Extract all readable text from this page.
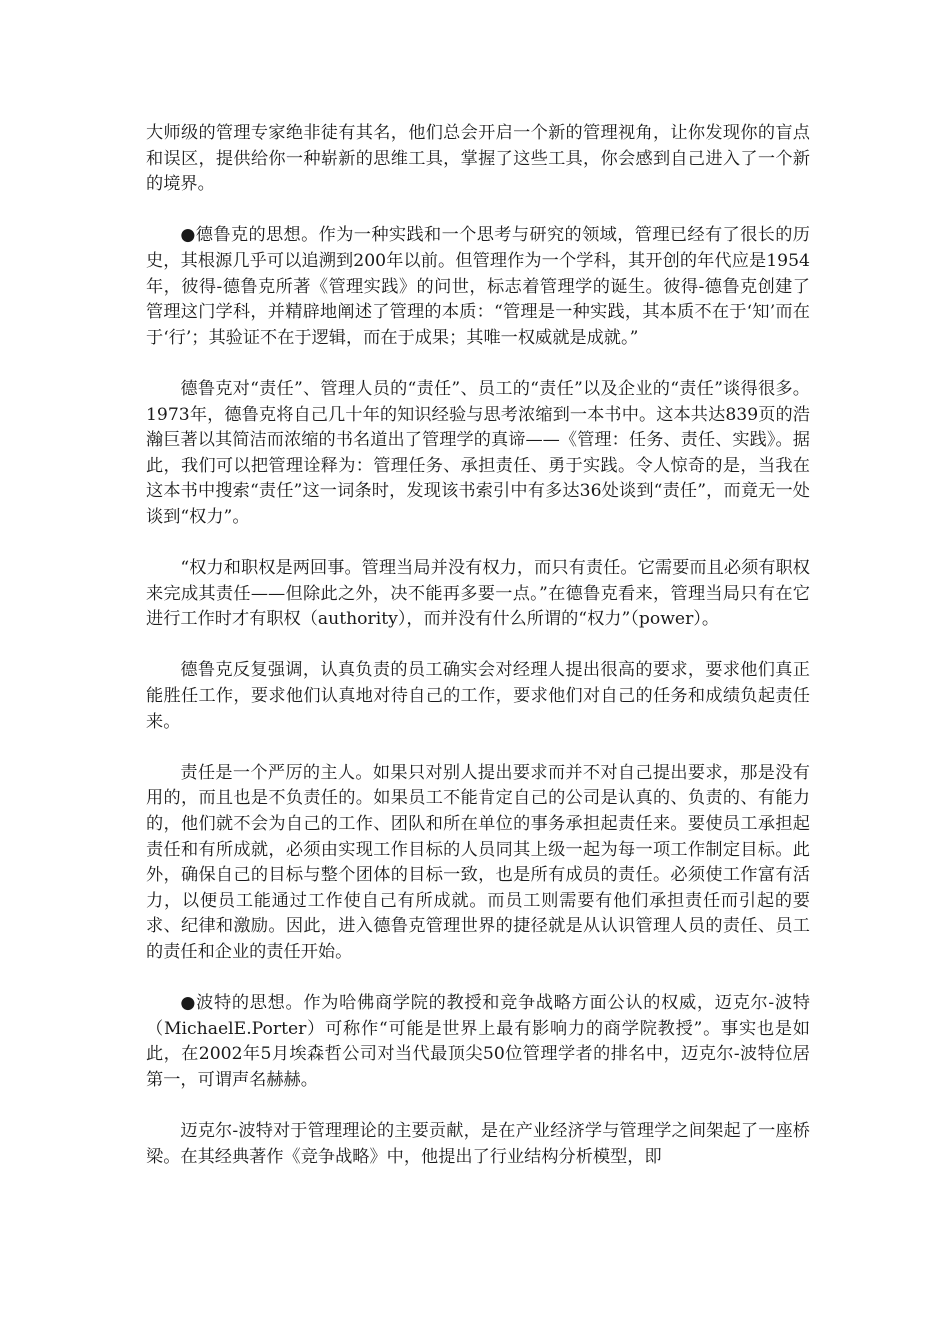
大师级的管理专家绝非徒有其名，他们总会开启一个新的管理视角，让你发现你的盲点和误区，提供给你一种崭新的思维工具，掌握了这些工具，你会感到自己进入了一个新的境界。

●德鲁克的思想。作为一种实践和一个思考与研究的领域，管理已经有了很长的历史，其根源几乎可以追溯到200年以前。但管理作为一个学科，其开创的年代应是1954年，彼得-德鲁克所著《管理实践》的问世，标志着管理学的诞生。彼得-德鲁克创建了管理这门学科，并精辟地阐述了管理的本质：“管理是一种实践，其本质不在于‘知’而在于‘行’；其验证不在于逻辑，而在于成果；其唯一权威就是成就。”

德鲁克对“责任”、管理人员的“责任”、员工的“责任”以及企业的“责任”谈得很多。1973年，德鲁克将自己几十年的知识经验与思考浓缩到一本书中。这本共达839页的浩瀚巨著以其简洁而浓缩的书名道出了管理学的真谛——《管理：任务、责任、实践》。据此，我们可以把管理诠释为：管理任务、承担责任、勇于实践。令人惊奇的是，当我在这本书中搜索“责任”这一词条时，发现该书索引中有多达36处谈到“责任”，而竟无一处谈到“权力”。

“权力和职权是两回事。管理当局并没有权力，而只有责任。它需要而且必须有职权来完成其责任——但除此之外，决不能再多要一点。”在德鲁克看来，管理当局只有在它进行工作时才有职权（authority），而并没有什么所谓的“权力”（power）。

德鲁克反复强调，认真负责的员工确实会对经理人提出很高的要求，要求他们真正能胜任工作，要求他们认真地对待自己的工作，要求他们对自己的任务和成绩负起责任来。

责任是一个严厉的主人。如果只对别人提出要求而并不对自己提出要求，那是没有用的，而且也是不负责任的。如果员工不能肯定自己的公司是认真的、负责的、有能力的，他们就不会为自己的工作、团队和所在单位的事务承担起责任来。要使员工承担起责任和有所成就，必须由实现工作目标的人员同其上级一起为每一项工作制定目标。此外，确保自己的目标与整个团体的目标一致，也是所有成员的责任。必须使工作富有活力，以便员工能通过工作使自己有所成就。而员工则需要有他们承担责任而引起的要求、纪律和激励。因此，进入德鲁克管理世界的捷径就是从认识管理人员的责任、员工的责任和企业的责任开始。

●波特的思想。作为哈佛商学院的教授和竞争战略方面公认的权威，迈克尔-波特（MichaelE.Porter）可称作“可能是世界上最有影响力的商学院教授”。事实也是如此，在2002年5月埃森哲公司对当代最顶尖50位管理学者的排名中，迈克尔-波特位居第一，可谓声名赫赫。

迈克尔-波特对于管理理论的主要贡献，是在产业经济学与管理学之间架起了一座桥梁。在其经典著作《竞争战略》中，他提出了行业结构分析模型，即
